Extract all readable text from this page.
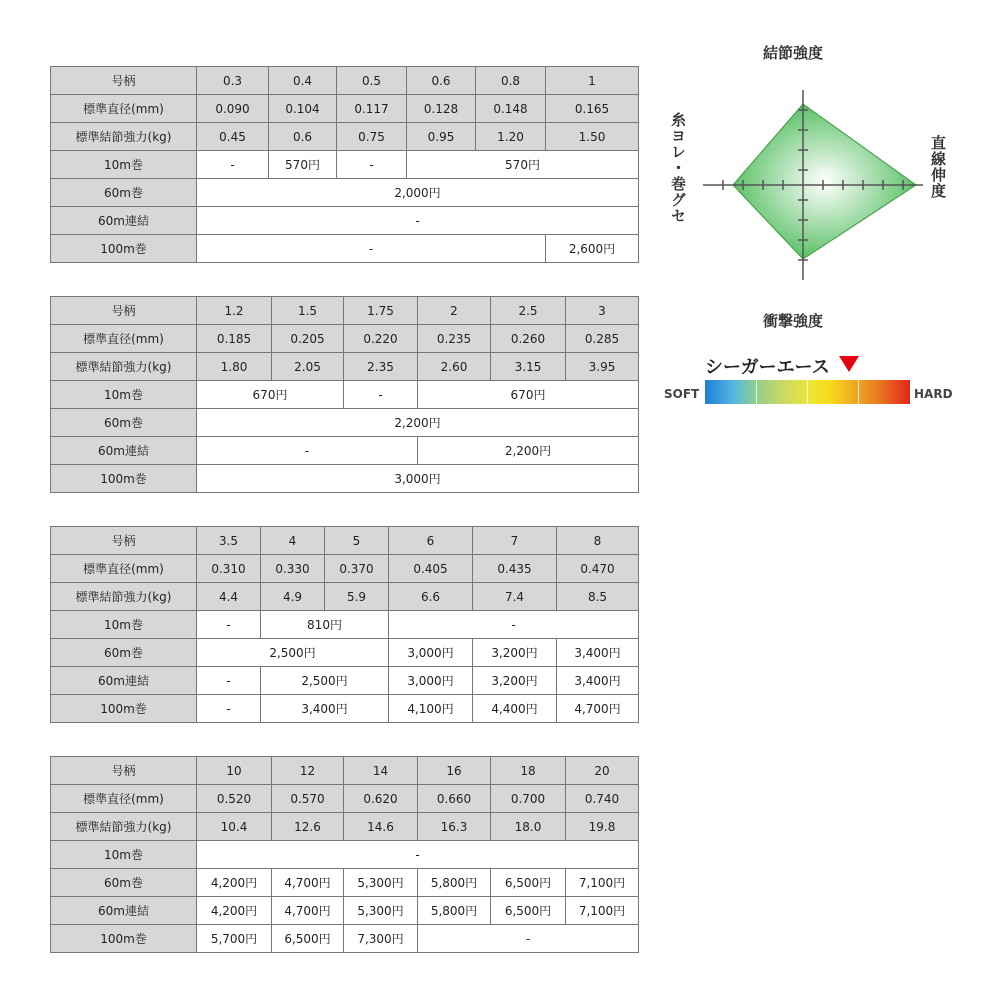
号柄	0.3	0.4	0.5	0.6	0.8	1
標準直径(mm)	0.090	0.104	0.117	0.128	0.148	0.165
標準結節強力(kg)	0.45	0.6	0.75	0.95	1.20	1.50
10m巻	-	570円	-	570円		
60m巻	2,000円					
60m連結	-					
100m巻	-					2,600円
号柄	1.2	1.5	1.75	2	2.5	3
標準直径(mm)	0.185	0.205	0.220	0.235	0.260	0.285
標準結節強力(kg)	1.80	2.05	2.35	2.60	3.15	3.95
10m巻	670円		-	670円		
60m巻	2,200円					
60m連結	-			2,200円		
100m巻	3,000円					
号柄	3.5	4	5	6	7	8
標準直径(mm)	0.310	0.330	0.370	0.405	0.435	0.470
標準結節強力(kg)	4.4	4.9	5.9	6.6	7.4	8.5
10m巻	-	810円		-		
60m巻	2,500円			3,000円	3,200円	3,400円
60m連結	-	2,500円		3,000円	3,200円	3,400円
100m巻	-	3,400円		4,100円	4,400円	4,700円
号柄	10	12	14	16	18	20
標準直径(mm)	0.520	0.570	0.620	0.660	0.700	0.740
標準結節強力(kg)	10.4	12.6	14.6	16.3	18.0	19.8
10m巻	-					
60m巻	4,200円	4,700円	5,300円	5,800円	6,500円	7,100円
60m連結	4,200円	4,700円	5,300円	5,800円	6,500円	7,100円
100m巻	5,700円	6,500円	7,300円	-		
結節強度
衝撃強度
直線伸度
糸ヨレ・巻グセ
シーガーエース
SOFT	HARD
